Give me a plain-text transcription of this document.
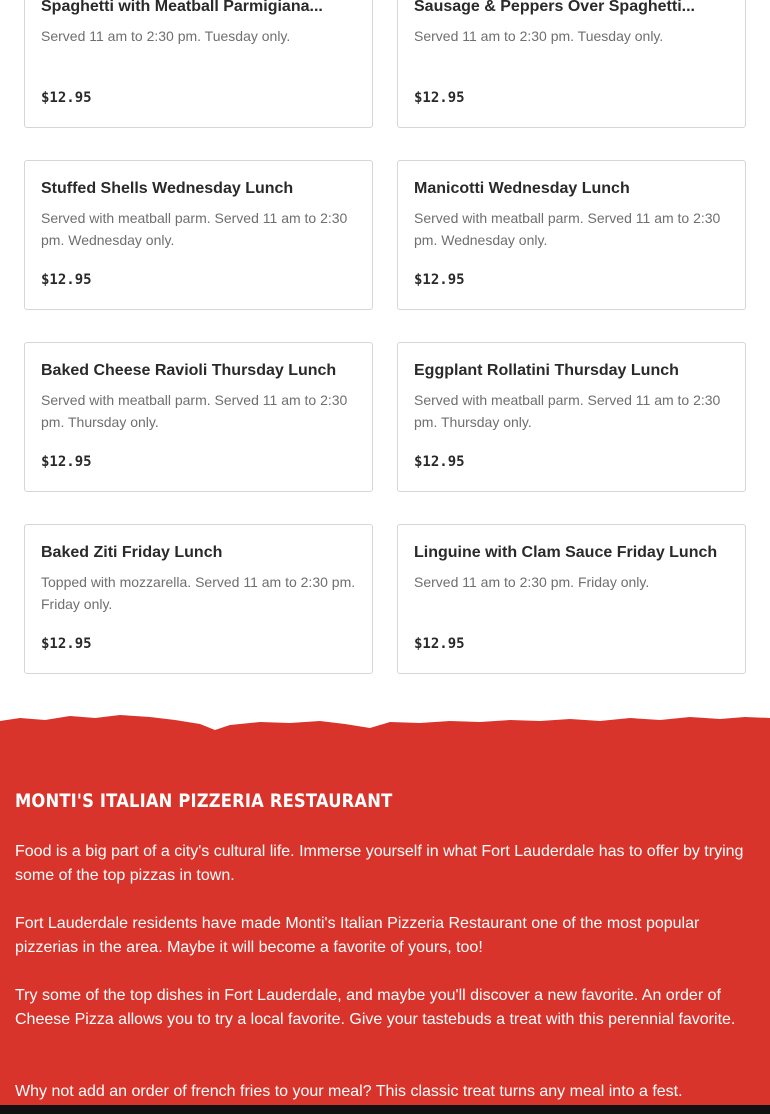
Spaghetti with Meatball Parmigiana...
Served 11 am to 2:30 pm. Tuesday only.
$12.95
Sausage & Peppers Over Spaghetti...
Served 11 am to 2:30 pm. Tuesday only.
$12.95
Stuffed Shells Wednesday Lunch
Served with meatball parm. Served 11 am to 2:30 pm. Wednesday only.
$12.95
Manicotti Wednesday Lunch
Served with meatball parm. Served 11 am to 2:30 pm. Wednesday only.
$12.95
Baked Cheese Ravioli Thursday Lunch
Served with meatball parm. Served 11 am to 2:30 pm. Thursday only.
$12.95
Eggplant Rollatini Thursday Lunch
Served with meatball parm. Served 11 am to 2:30 pm. Thursday only.
$12.95
Baked Ziti Friday Lunch
Topped with mozzarella. Served 11 am to 2:30 pm. Friday only.
$12.95
Linguine with Clam Sauce Friday Lunch
Served 11 am to 2:30 pm. Friday only.
$12.95
MONTI'S ITALIAN PIZZERIA RESTAURANT

Food is a big part of a city's cultural life. Immerse yourself in what Fort Lauderdale has to offer by trying some of the top pizzas in town.

Fort Lauderdale residents have made Monti's Italian Pizzeria Restaurant one of the most popular pizzerias in the area. Maybe it will become a favorite of yours, too!

Try some of the top dishes in Fort Lauderdale, and maybe you'll discover a new favorite. An order of Cheese Pizza allows you to try a local favorite. Give your tastebuds a treat with this perennial favorite.

Why not add an order of french fries to your meal? This classic treat turns any meal into a fest.
